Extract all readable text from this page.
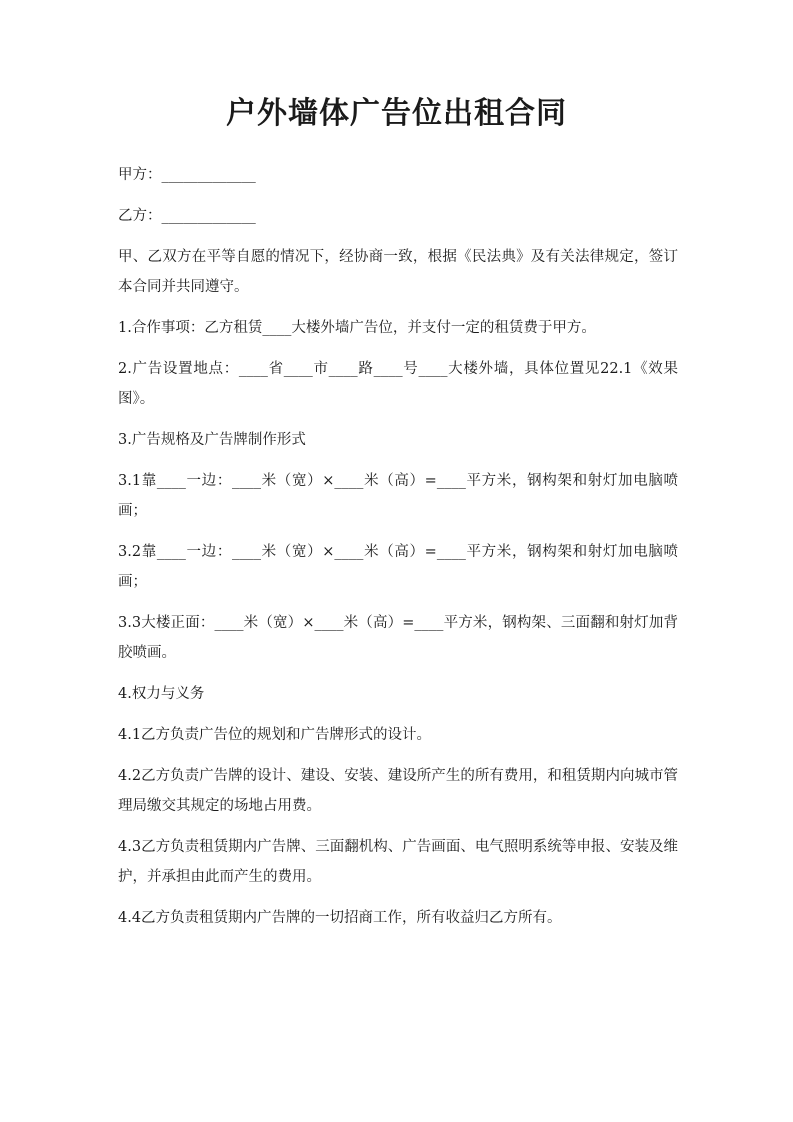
户外墙体广告位出租合同

甲方：_____________

乙方：_____________

甲、乙双方在平等自愿的情况下，经协商一致，根据《民法典》及有关法律规定，签订本合同并共同遵守。

1.合作事项：乙方租赁____大楼外墙广告位，并支付一定的租赁费于甲方。

2.广告设置地点：____省____市____路____号____大楼外墙，具体位置见22.1《效果图》。

3.广告规格及广告牌制作形式

3.1靠____一边：____米（宽）×____米（高）=____平方米，钢构架和射灯加电脑喷画；

3.2靠____一边：____米（宽）×____米（高）=____平方米，钢构架和射灯加电脑喷画；

3.3大楼正面：____米（宽）×____米（高）=____平方米，钢构架、三面翻和射灯加背胶喷画。

4.权力与义务

4.1乙方负责广告位的规划和广告牌形式的设计。

4.2乙方负责广告牌的设计、建设、安装、建设所产生的所有费用，和租赁期内向城市管理局缴交其规定的场地占用费。

4.3乙方负责租赁期内广告牌、三面翻机构、广告画面、电气照明系统等申报、安装及维护，并承担由此而产生的费用。

4.4乙方负责租赁期内广告牌的一切招商工作，所有收益归乙方所有。
